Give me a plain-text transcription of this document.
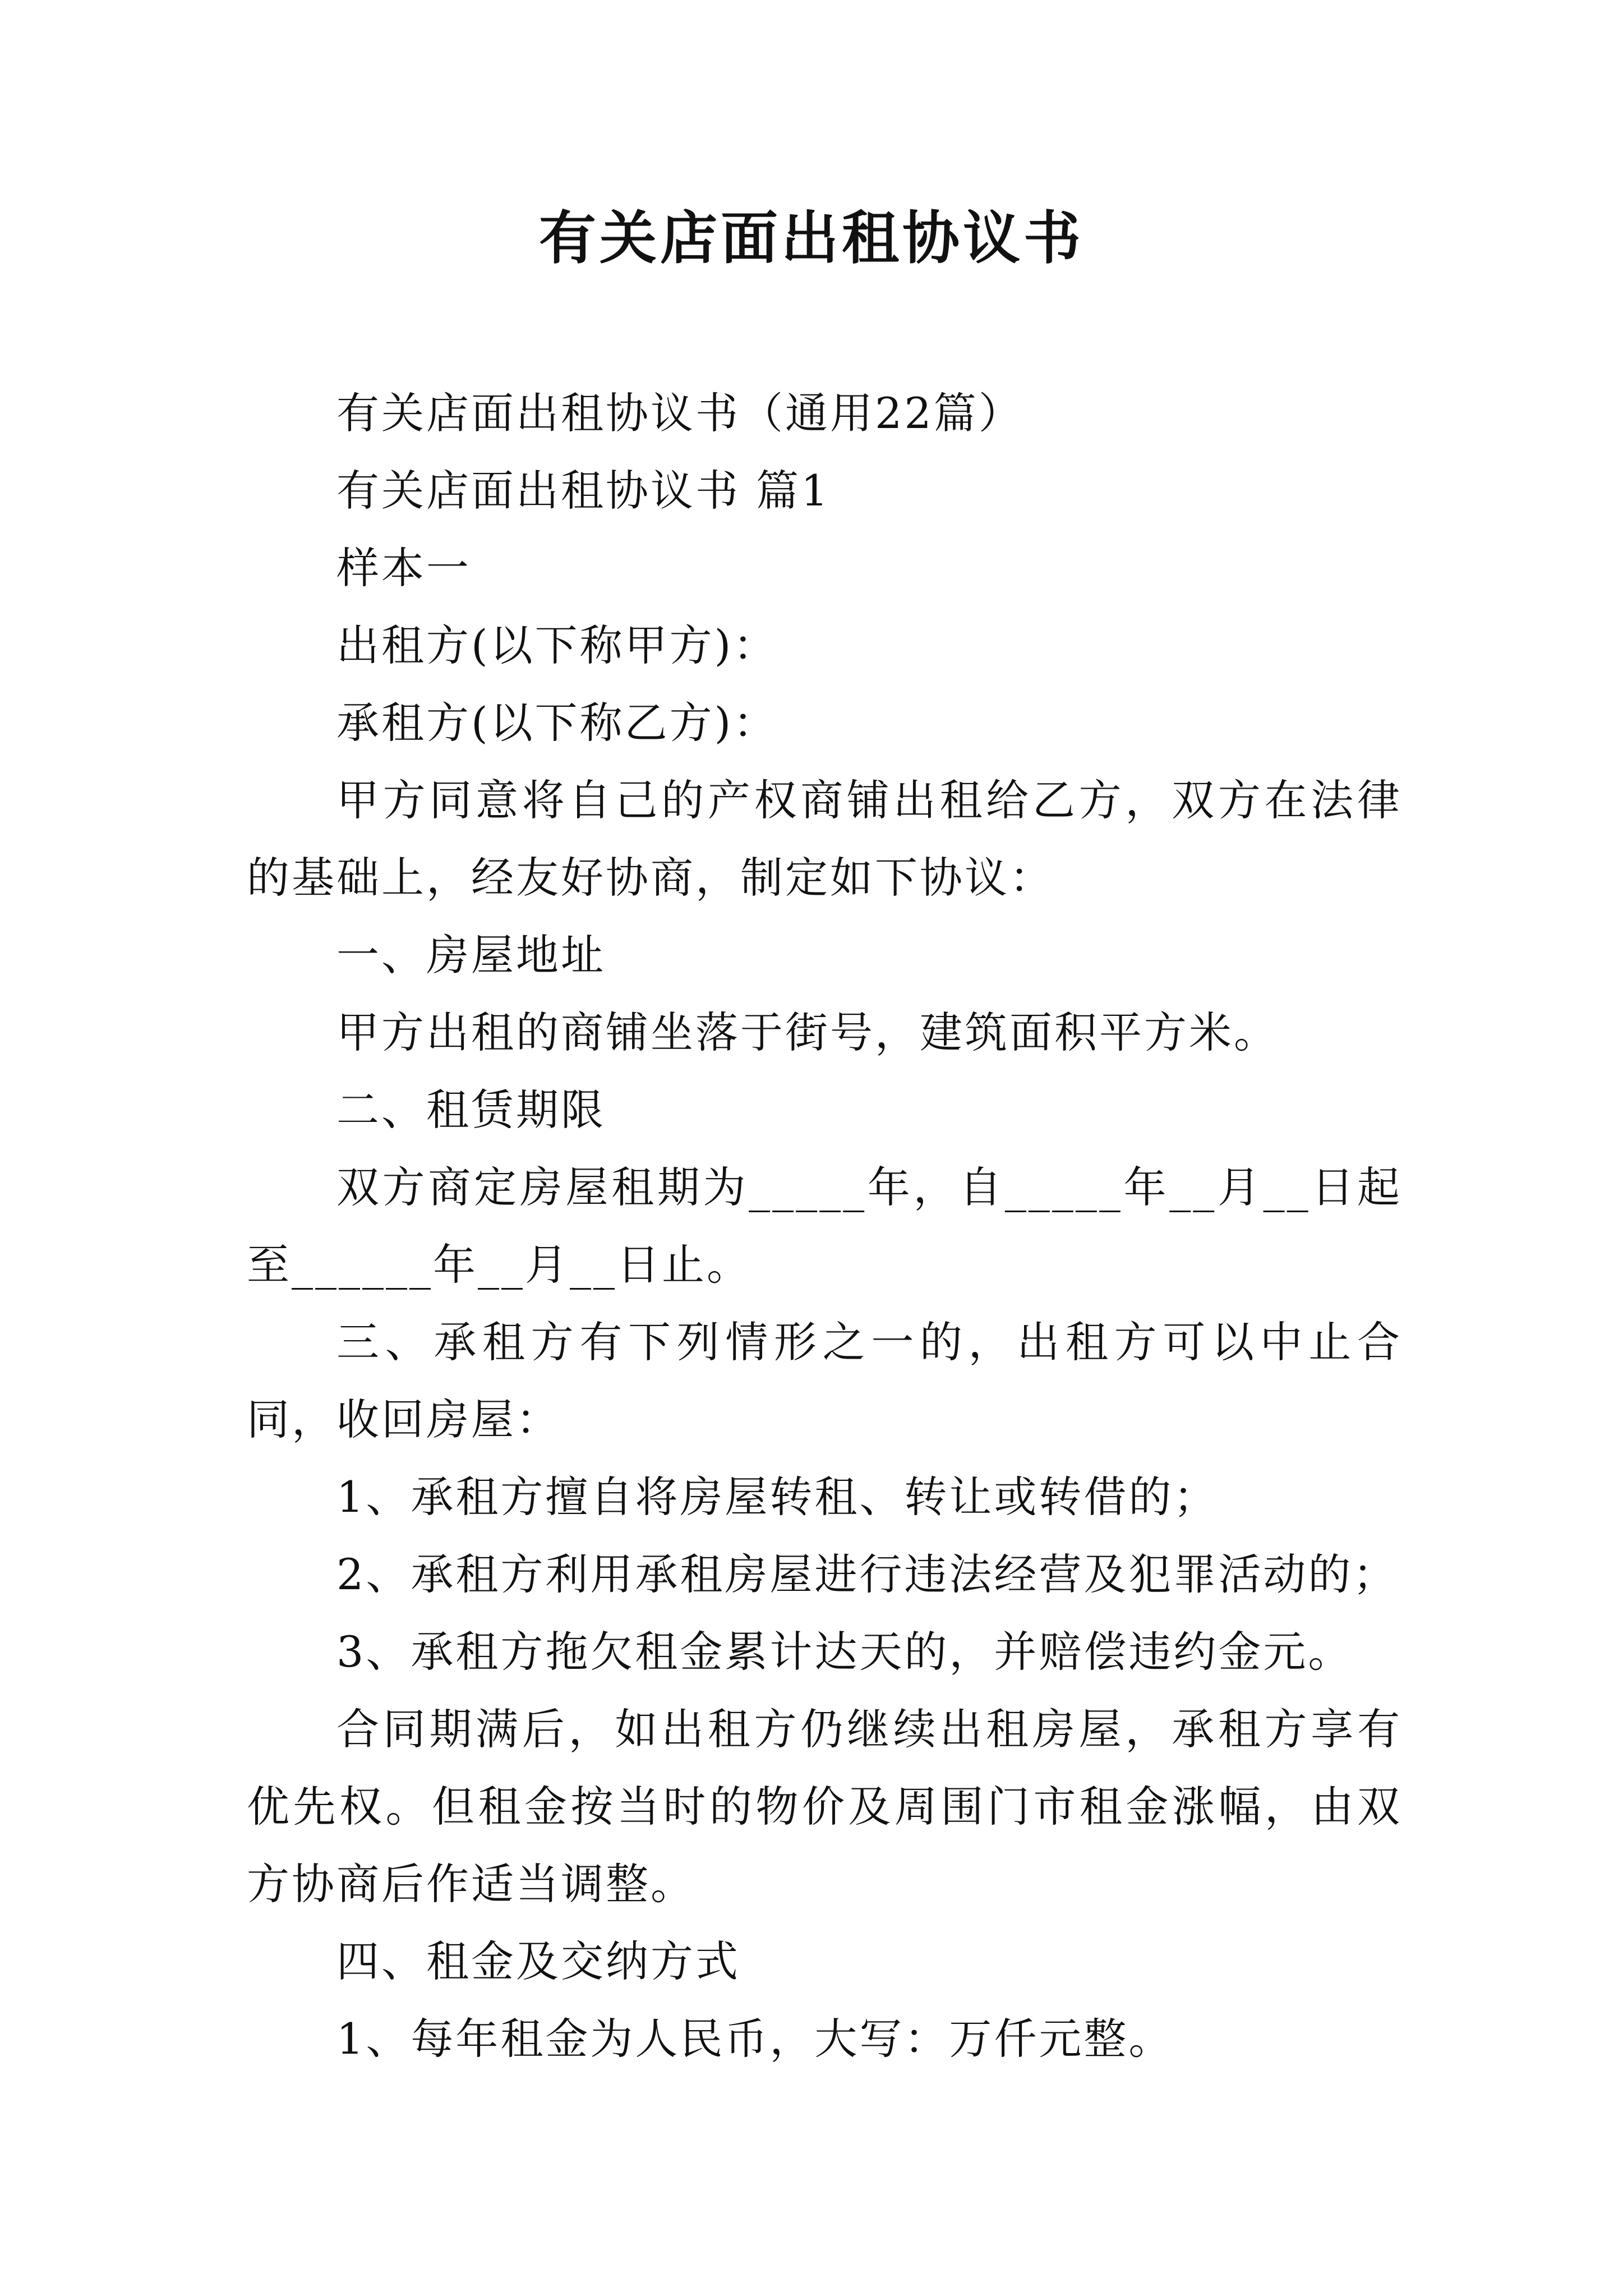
有关店面出租协议书

有关店面出租协议书（通用22篇）

有关店面出租协议书 篇1

样本一

出租方(以下称甲方)：

承租方(以下称乙方)：

甲方同意将自己的产权商铺出租给乙方，双方在法律的基础上，经友好协商，制定如下协议：

一、房屋地址

甲方出租的商铺坐落于街号，建筑面积平方米。

二、租赁期限

双方商定房屋租期为_____年，自_____年__月__日起至______年__月__日止。

三、承租方有下列情形之一的，出租方可以中止合同，收回房屋：

1、承租方擅自将房屋转租、转让或转借的；

2、承租方利用承租房屋进行违法经营及犯罪活动的；

3、承租方拖欠租金累计达天的，并赔偿违约金元。

合同期满后，如出租方仍继续出租房屋，承租方享有优先权。但租金按当时的物价及周围门市租金涨幅，由双方协商后作适当调整。

四、租金及交纳方式

1、每年租金为人民币，大写：万仟元整。
